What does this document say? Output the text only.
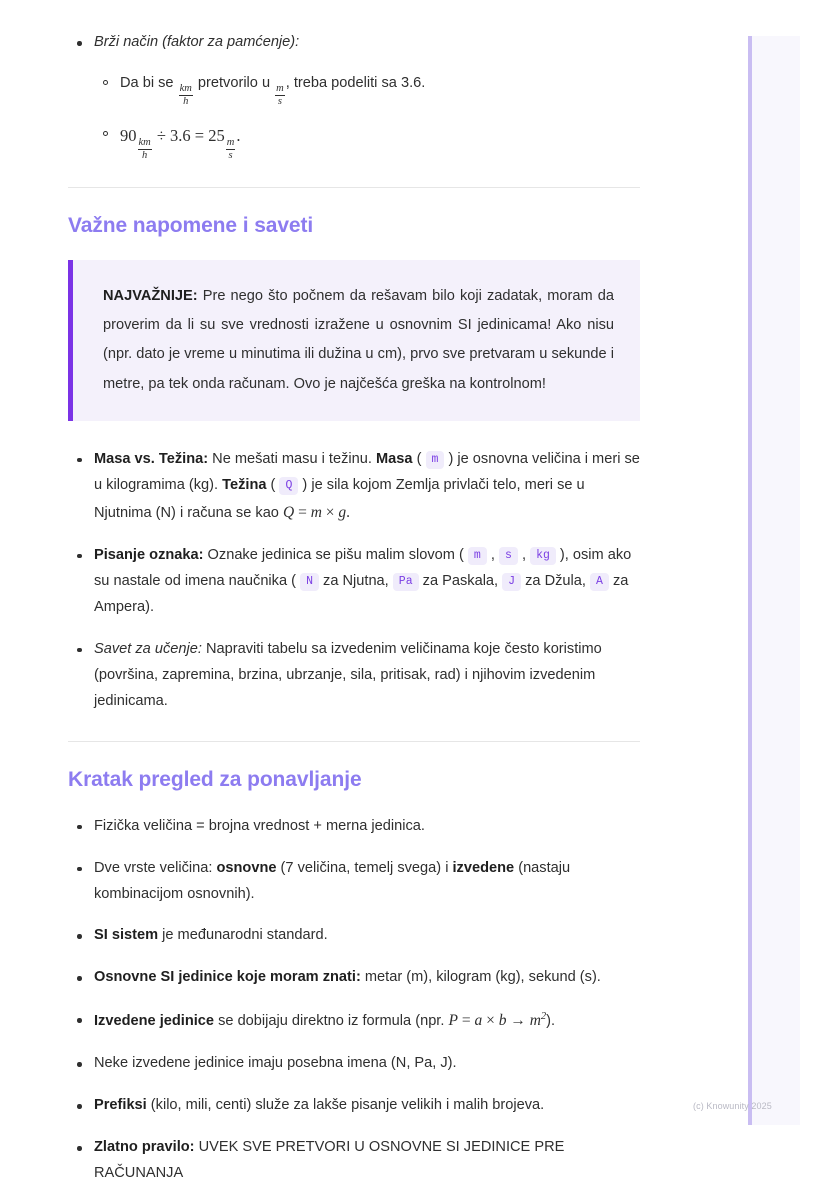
Brži način (faktor za pamćenje):
Da bi se
$\frac{km}{h}$
pretvorilo u
$\frac{m}{s}$
, treba podeliti sa 3.6.
90
$\frac{km}{h}$
÷ 3.6 = 25
$\frac{m}{s}$
.
Važne napomene i saveti

NAJVAŽNIJE: Pre nego što počnem da rešavam bilo koji zadatak, moram da proverim da li su sve vrednosti izražene u osnovnim SI jedinicama! Ako nisu (npr. dato je vreme u minutima ili dužina u cm), prvo sve pretvaram u sekunde i metre, pa tek onda računam. Ovo je najčešća greška na kontrolnom!

Masa vs. Težina: Ne mešati masu i težinu. Masa ( m ) je osnovna veličina i meri se u kilogramima (kg). Težina ( Q ) je sila kojom Zemlja privlači telo, meri se u Njutnima (N) i računa se kao Q = m × g.
Pisanje oznaka: Oznake jedinica se pišu malim slovom ( m , s , kg ), osim ako su nastale od imena naučnika ( N za Njutna, Pa za Paskala, J za Džula, A za Ampera).
Savet za učenje: Napraviti tabelu sa izvedenim veličinama koje često koristimo (površina, zapremina, brzina, ubrzanje, sila, pritisak, rad) i njihovim izvedenim jedinicama.
Kratak pregled za ponavljanje
Fizička veličina = brojna vrednost + merna jedinica.
Dve vrste veličina: osnovne (7 veličina, temelj svega) i izvedene (nastaju kombinacijom osnovnih).
SI sistem je međunarodni standard.
Osnovne SI jedinice koje moram znati: metar (m), kilogram (kg), sekund (s).
Izvedene jedinice se dobijaju direktno iz formula (npr. $P = a \times b \to m^2$).
Neke izvedene jedinice imaju posebna imena (N, Pa, J).
Prefiksi (kilo, mili, centi) služe za lakše pisanje velikih i malih brojeva.
Zlatno pravilo: UVEK SVE PRETVORI U OSNOVNE SI JEDINICE PRE RAČUNANJA
(c) Knowunity 2025
